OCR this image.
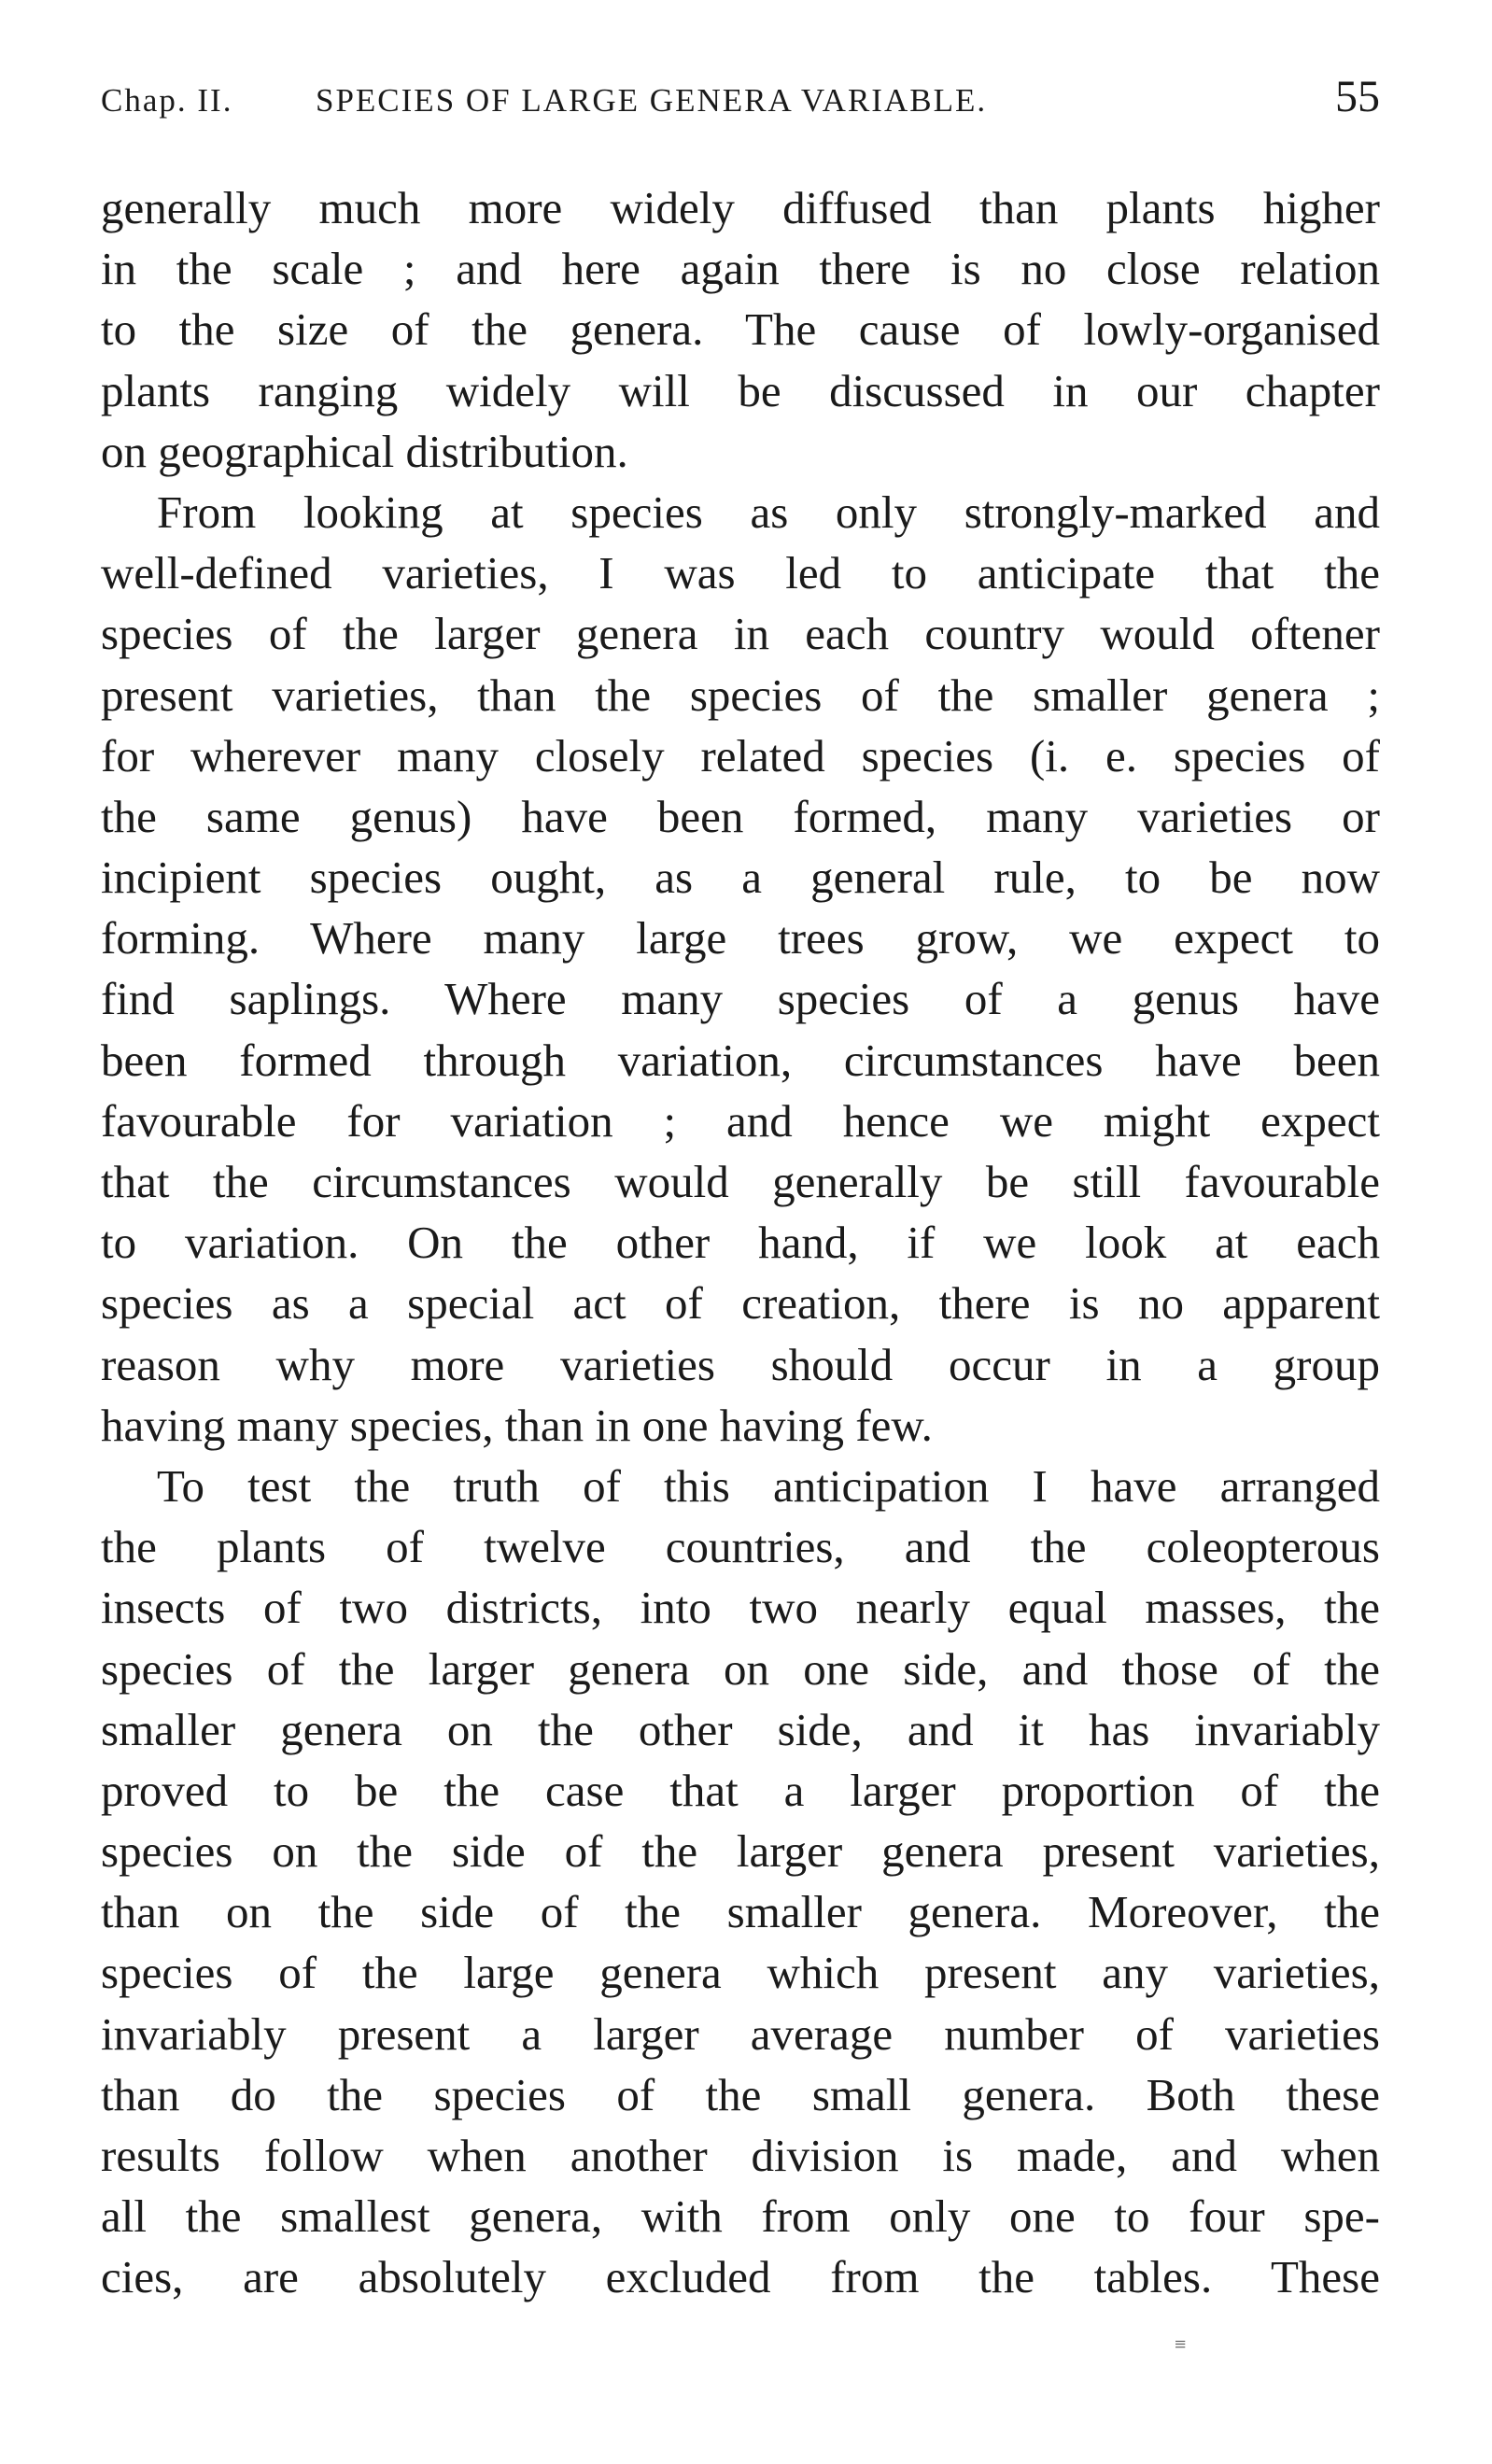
Chap. II.	SPECIES OF LARGE GENERA VARIABLE.	55
generally much more widely diffused than plants higher
in the scale ; and here again there is no close relation
to the size of the genera. The cause of lowly-organised
plants ranging widely will be discussed in our chapter
on geographical distribution.
From looking at species as only strongly-marked and
well-defined varieties, I was led to anticipate that the
species of the larger genera in each country would oftener
present varieties, than the species of the smaller genera ;
for wherever many closely related species (i. e. species of
the same genus) have been formed, many varieties or
incipient species ought, as a general rule, to be now
forming. Where many large trees grow, we expect to
find saplings. Where many species of a genus have
been formed through variation, circumstances have been
favourable for variation ; and hence we might expect
that the circumstances would generally be still favourable
to variation. On the other hand, if we look at each
species as a special act of creation, there is no apparent
reason why more varieties should occur in a group
having many species, than in one having few.
To test the truth of this anticipation I have arranged
the plants of twelve countries, and the coleopterous
insects of two districts, into two nearly equal masses, the
species of the larger genera on one side, and those of the
smaller genera on the other side, and it has invariably
proved to be the case that a larger proportion of the
species on the side of the larger genera present varieties,
than on the side of the smaller genera. Moreover, the
species of the large genera which present any varieties,
invariably present a larger average number of varieties
than do the species of the small genera. Both these
results follow when another division is made, and when
all the smallest genera, with from only one to four spe-
cies, are absolutely excluded from the tables. These
≡
